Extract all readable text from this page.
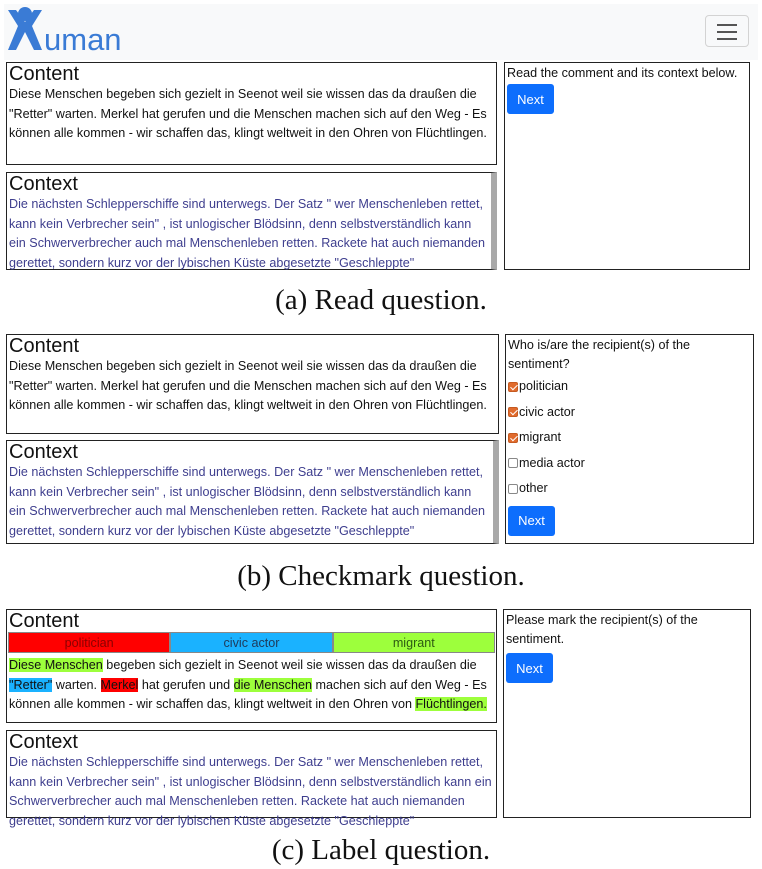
uman
Content
Diese Menschen begeben sich gezielt in Seenot weil sie wissen das da draußen die "Retter" warten. Merkel hat gerufen und die Menschen machen sich auf den Weg - Es können alle kommen - wir schaffen das, klingt weltweit in den Ohren von Flüchtlingen.
Context
Die nächsten Schlepperschiffe sind unterwegs. Der Satz " wer Menschenleben rettet, kann kein Verbrecher sein" , ist unlogischer Blödsinn, denn selbstverständlich kann ein Schwerverbrecher auch mal Menschenleben retten. Rackete hat auch niemanden gerettet, sondern kurz vor der lybischen Küste abgesetzte "Geschleppte"
Read the comment and its context below.
Next
(a) Read question.
Content
Diese Menschen begeben sich gezielt in Seenot weil sie wissen das da draußen die "Retter" warten. Merkel hat gerufen und die Menschen machen sich auf den Weg - Es können alle kommen - wir schaffen das, klingt weltweit in den Ohren von Flüchtlingen.
Context
Die nächsten Schlepperschiffe sind unterwegs. Der Satz " wer Menschenleben rettet, kann kein Verbrecher sein" , ist unlogischer Blödsinn, denn selbstverständlich kann ein Schwerverbrecher auch mal Menschenleben retten. Rackete hat auch niemanden gerettet, sondern kurz vor der lybischen Küste abgesetzte "Geschleppte"
Who is/are the recipient(s) of the sentiment?
politician
civic actor
migrant
media actor
other
Next
(b) Checkmark question.
Content
politician	civic actor	migrant
Diese Menschen begeben sich gezielt in Seenot weil sie wissen das da draußen die "Retter" warten. Merkel hat gerufen und die Menschen machen sich auf den Weg - Es können alle kommen - wir schaffen das, klingt weltweit in den Ohren von Flüchtlingen.
Context
Die nächsten Schlepperschiffe sind unterwegs. Der Satz " wer Menschenleben rettet, kann kein Verbrecher sein" , ist unlogischer Blödsinn, denn selbstverständlich kann ein Schwerverbrecher auch mal Menschenleben retten. Rackete hat auch niemanden gerettet, sondern kurz vor der lybischen Küste abgesetzte "Geschleppte"
Please mark the recipient(s) of the sentiment.
Next
(c) Label question.
